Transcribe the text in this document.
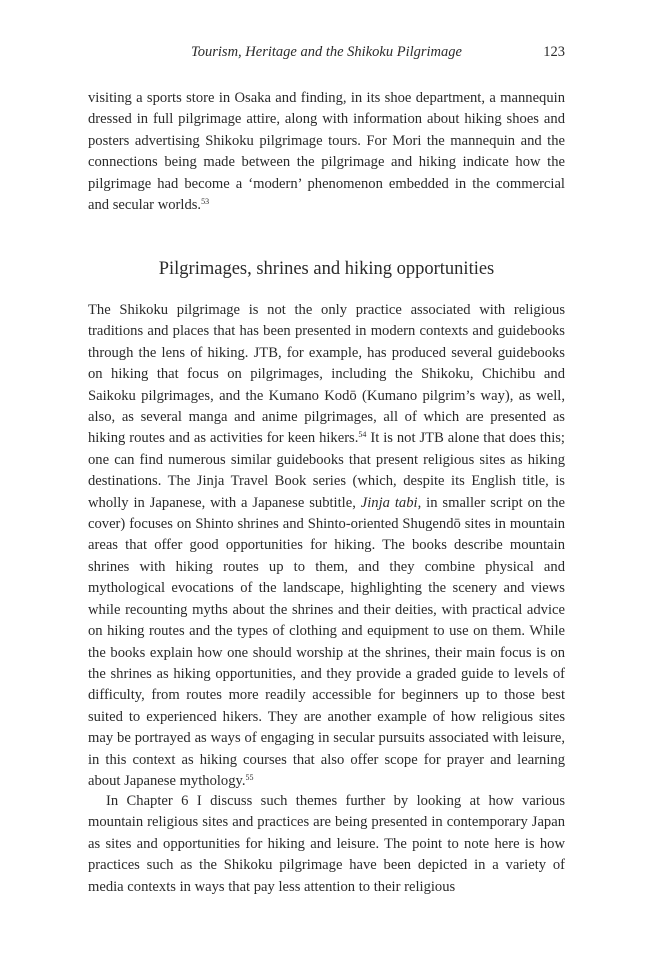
Tourism, Heritage and the Shikoku Pilgrimage	123

visiting a sports store in Osaka and finding, in its shoe department, a mannequin dressed in full pilgrimage attire, along with information about hiking shoes and posters advertising Shikoku pilgrimage tours. For Mori the mannequin and the connections being made between the pilgrimage and hiking indicate how the pilgrimage had become a ‘modern’ phenomenon embedded in the commercial and secular worlds.$^{53}$

Pilgrimages, shrines and hiking opportunities

The Shikoku pilgrimage is not the only practice associated with religious traditions and places that has been presented in modern contexts and guidebooks through the lens of hiking. JTB, for example, has produced several guidebooks on hiking that focus on pilgrimages, including the Shikoku, Chichibu and Saikoku pilgrimages, and the Kumano Kodō (Kumano pilgrim’s way), as well, also, as several manga and anime pilgrimages, all of which are presented as hiking routes and as activities for keen hikers.$^{54}$ It is not JTB alone that does this; one can find numerous similar guidebooks that present religious sites as hiking destinations. The Jinja Travel Book series (which, despite its English title, is wholly in Japanese, with a Japanese subtitle, Jinja tabi, in smaller script on the cover) focuses on Shinto shrines and Shinto-oriented Shugendō sites in mountain areas that offer good opportunities for hiking. The books describe mountain shrines with hiking routes up to them, and they combine physical and mythological evocations of the landscape, highlighting the scenery and views while recounting myths about the shrines and their deities, with practical advice on hiking routes and the types of clothing and equipment to use on them. While the books explain how one should worship at the shrines, their main focus is on the shrines as hiking opportunities, and they provide a graded guide to levels of difficulty, from routes more readily accessible for beginners up to those best suited to experienced hikers. They are another example of how religious sites may be portrayed as ways of engaging in secular pursuits associated with leisure, in this context as hiking courses that also offer scope for prayer and learning about Japanese mythology.$^{55}$

In Chapter 6 I discuss such themes further by looking at how various mountain religious sites and practices are being presented in contemporary Japan as sites and opportunities for hiking and leisure. The point to note here is how practices such as the Shikoku pilgrimage have been depicted in a variety of media contexts in ways that pay less attention to their religious
